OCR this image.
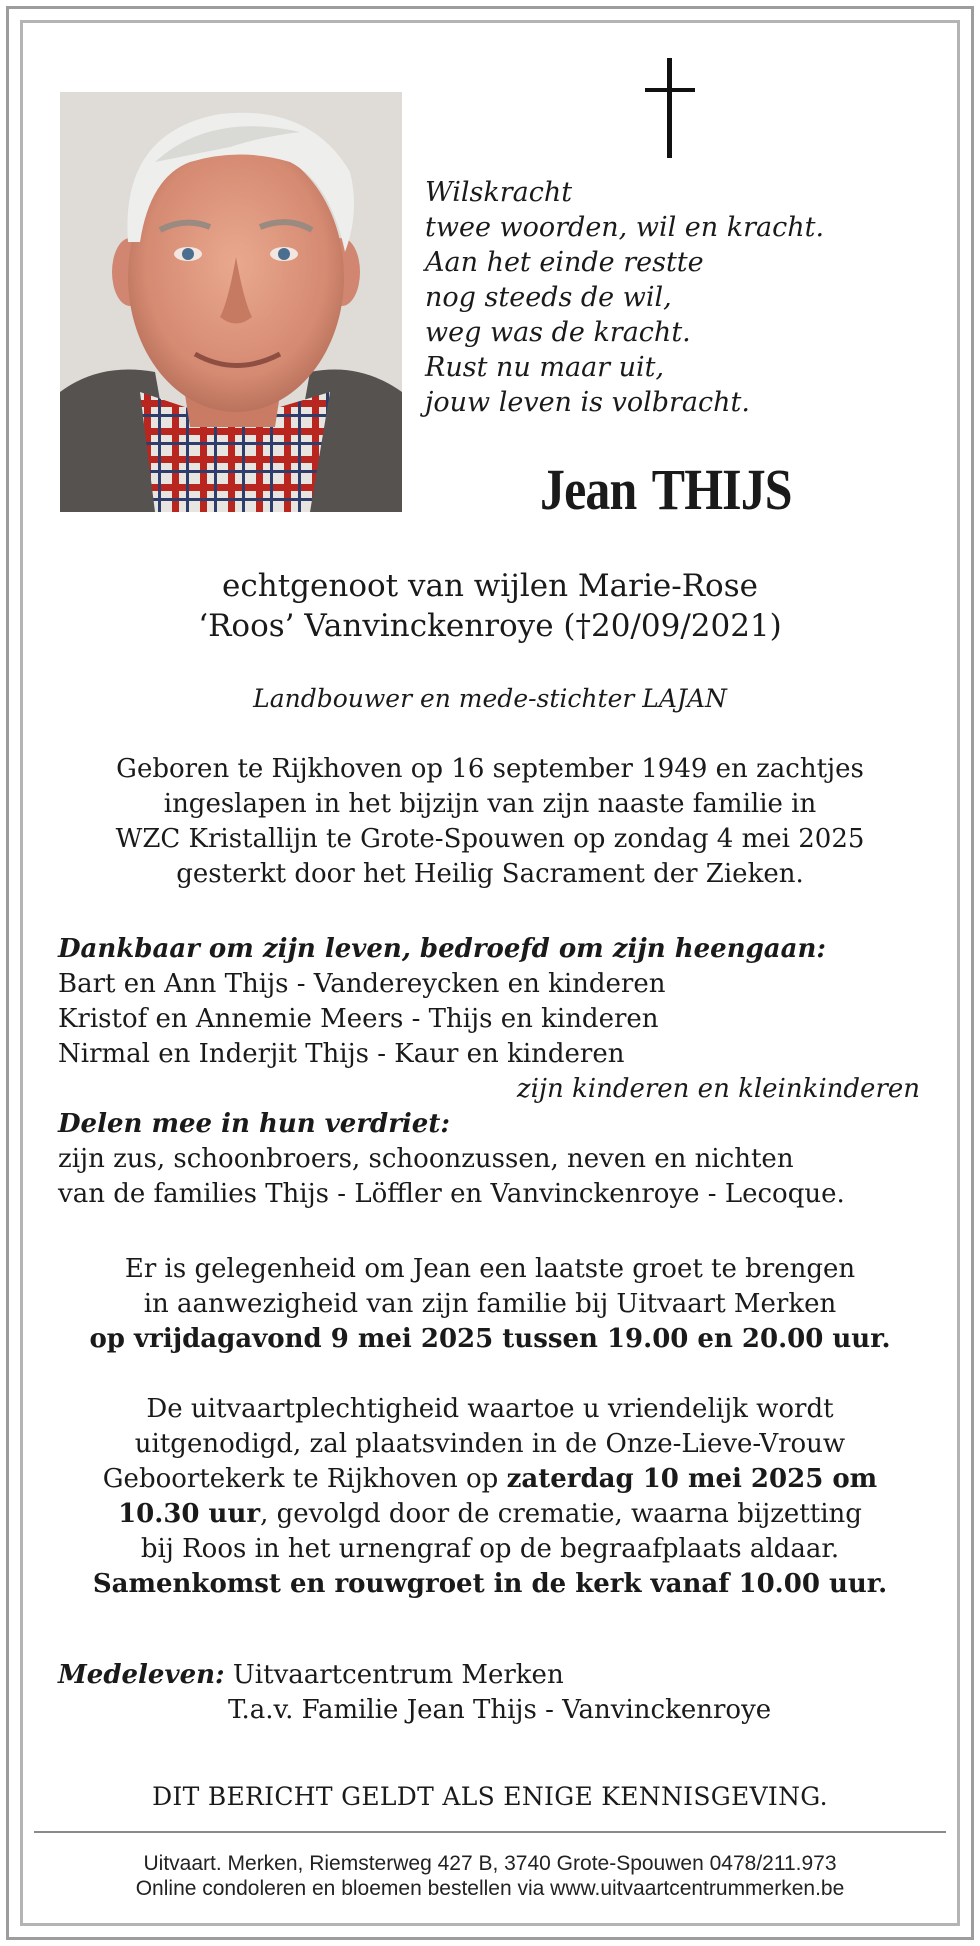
Wilskracht
twee woorden, wil en kracht.
Aan het einde restte
nog steeds de wil,
weg was de kracht.
Rust nu maar uit,
jouw leven is volbracht.
Jean THIJS
echtgenoot van wijlen Marie-Rose
‘Roos’ Vanvinckenroye (†20/09/2021)
Landbouwer en mede-stichter LAJAN
Geboren te Rijkhoven op 16 september 1949 en zachtjes
ingeslapen in het bijzijn van zijn naaste familie in
WZC Kristallijn te Grote-Spouwen op zondag 4 mei 2025
gesterkt door het Heilig Sacrament der Zieken.
Dankbaar om zijn leven, bedroefd om zijn heengaan:
Bart en Ann Thijs - Vandereycken en kinderen
Kristof en Annemie Meers - Thijs en kinderen
Nirmal en Inderjit Thijs - Kaur en kinderen
zijn kinderen en kleinkinderen
Delen mee in hun verdriet:
zijn zus, schoonbroers, schoonzussen, neven en nichten
van de families Thijs - Löffler en Vanvinckenroye - Lecoque.
Er is gelegenheid om Jean een laatste groet te brengen
in aanwezigheid van zijn familie bij Uitvaart Merken
op vrijdagavond 9 mei 2025 tussen 19.00 en 20.00 uur.
De uitvaartplechtigheid waartoe u vriendelijk wordt
uitgenodigd, zal plaatsvinden in de Onze-Lieve-Vrouw
Geboortekerk te Rijkhoven op zaterdag 10 mei 2025 om
10.30 uur, gevolgd door de crematie, waarna bijzetting
bij Roos in het urnengraf op de begraafplaats aldaar.
Samenkomst en rouwgroet in de kerk vanaf 10.00 uur.
Medeleven: Uitvaartcentrum Merken
T.a.v. Familie Jean Thijs - Vanvinckenroye
DIT BERICHT GELDT ALS ENIGE KENNISGEVING.
Uitvaart. Merken, Riemsterweg 427 B, 3740 Grote-Spouwen 0478/211.973
Online condoleren en bloemen bestellen via www.uitvaartcentrummerken.be
